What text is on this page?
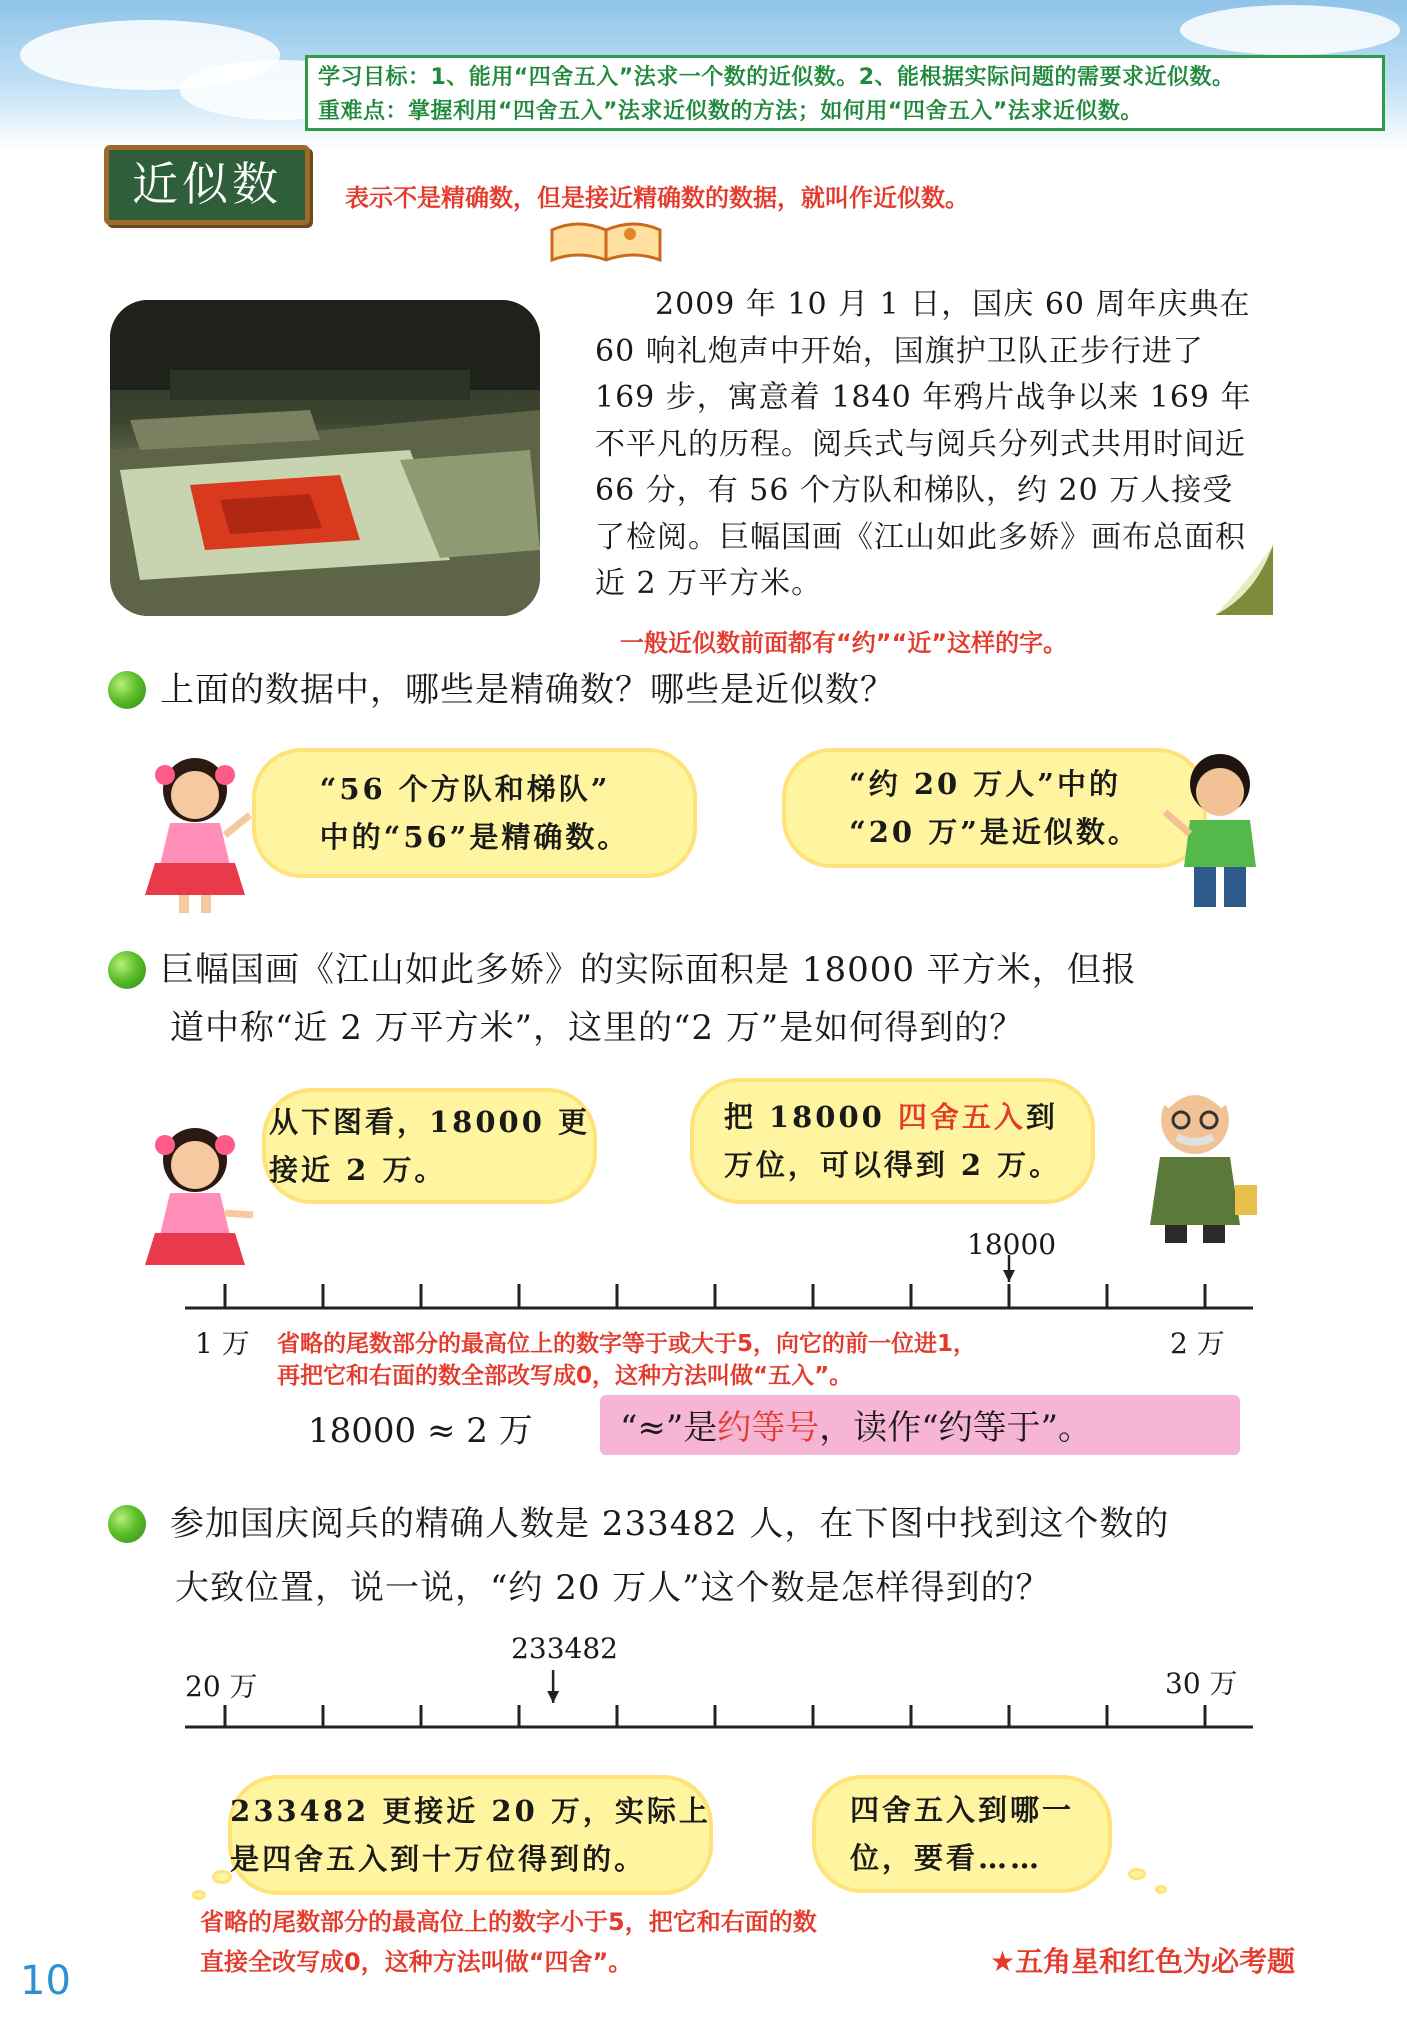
学习目标：1、能用“四舍五入”法求一个数的近似数。2、能根据实际问题的需要求近似数。
重难点：掌握利用“四舍五入”法求近似数的方法；如何用“四舍五入”法求近似数。
近似数	表示不是精确数，但是接近精确数的数据，就叫作近似数。

2009 年 10 月 1 日，国庆 60 周年庆典在 60 响礼炮声中开始，国旗护卫队正步行进了 169 步，寓意着 1840 年鸦片战争以来 169 年不平凡的历程。阅兵式与阅兵分列式共用时间近 66 分，有 56 个方队和梯队，约 20 万人接受了检阅。巨幅国画《江山如此多娇》画布总面积近 2 万平方米。

一般近似数前面都有“约”“近”这样的字。
上面的数据中，哪些是精确数？哪些是近似数？
“56 个方队和梯队”
中的“56”是精确数。
“约 20 万人”中的
“20 万”是近似数。
巨幅国画《江山如此多娇》的实际面积是 18000 平方米，但报
道中称“近 2 万平方米”，这里的“2 万”是如何得到的？
从下图看，18000 更
接近 2 万。
把 18000 四舍五入到
万位，可以得到 2 万。
18000
1 万	2 万
省略的尾数部分的最高位上的数字等于或大于5，向它的前一位进1，
再把它和右面的数全部改写成0，这种方法叫做“五入”。
18000 ≈ 2 万	“≈”是约等号，读作“约等于”。
参加国庆阅兵的精确人数是 233482 人，在下图中找到这个数的
大致位置，说一说，“约 20 万人”这个数是怎样得到的？
233482
20 万	30 万
233482 更接近 20 万，实际上
是四舍五入到十万位得到的。
四舍五入到哪一
位，要看……
省略的尾数部分的最高位上的数字小于5，把它和右面的数
直接全改写成0，这种方法叫做“四舍”。
10	★五角星和红色为必考题
